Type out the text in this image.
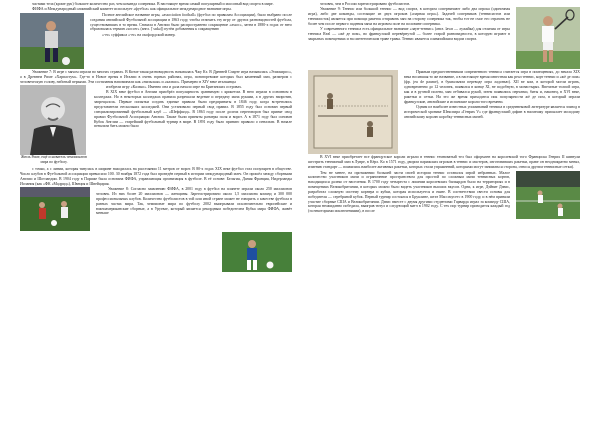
частями тела (кроме рук) большее количество раз, чем команда соперника. В настоящее время самый популярный и массовый вид спорта в мире.

ФИФА и Международный олимпийский комитет использует «футбол» как официальное международное название игры.

Полное английское название игры, «association football» (футбол по правилам Ассоциации), было выбрано после создания английской Футбольной ассоциации в 1863 году, чтобы отличать эту игру от других разновидностей футбола, существовавших в то время. Сначала в Англии было распространено сокращение «assoc», затем в 1880-х годах от него образовалась термин «soccer» (англ. [ˈsɒkə]) путём добавления к сокращению

«-er» суффикса «-er» на оксфордский манер.

Уважение 7: В игре с мячом играли во многих странах. В Китае такая разновидность называлась Чжу Кэ. В Древней Спарте игра называлась «Эпискирос», а в Древнем Риме «Харпастум». Где-то в Новое время в Италии в очень горных районах, игра, понаторевшие которых был каменный мяч, размером с человеческую голову, набитый перьями. Эти состязания напоминали как «нильская» и «кальчо». Примерно в XIV веке итальянцы

Жюль Риме, ещё основатель чемпионатов мира по футболу.

изобрели игру «Кальчо». Именно она и дала начало игре на Британских островах.

В XIX веке футбол в Англии приобрёл популярность сравнимую с крикетом. В него играли в основном в колледжах. Но в некоторых колледжах правила разрешали ведение и передачу мяча руками, а в других напротив, запрещалось. Первые попытки создать единые правила были предприняты в 1846 году, когда встретились представители нескольких колледжей. Они установили первый свод правил. В 1855 году был основан первый специализированный футбольный клуб — «Шеффилд». В 1863 году после долгих переговоров был принят свод правил Футбольной Ассоциации Англии. Также были приняты размеры поля и ворот. А в 1871 году был основан Кубок Англии — старейший футбольный турнир в мире. В 1891 году было принято правило о пенальти. В начале пенальти бить можно было

с точки, а с линии, которая тянулась в ширине находилась на расстоянии 11 метров от ворот. В 80-х годах XIX веке футбол стал популярен в обществе. Число клубов в Футбольной ассоциации превысило 100. 30 ноября 1872 года был проведён первый в истории международный матч. Он прошёл между сборными Англии и Шотландии. В 1904 году в Париже была основана ФИФА, управляющая организация в футболе. В её основе: Бельгия, Дания Франция, Нидерланды Испания (как «ФК «Мадрид»), Швеция и Швейцария.

Уважение 8: Согласно заявлению ФИФА, в 2001 году в футбол на планете играли около 250 миллионов человек. Из них более 20 миллионов — женщины. Зарегистрировано около 1,5 миллиона команд и 300 000 профессиональных клубов. Количество футболистов в той или иной стране может не говорить о качестве футбола в разных частях мира. Так, чемпионат мира по футболу 2002 выигрывали исключительно европейские и южноамериканские сборные, а в Уругвае, который является рекордным победителем Кубка мира ФИФА, живёт меньше

человек, чем в России зарегистрировано футболистов.

Уважение 9: Теннис или большой теннис — вид спорта, в котором соперничают либо два игрока (одиночная игра), либо две команды, состоящие из двух игроков («парная игра»). Задачей соперников (теннисистов или теннисисток) является при помощи ракеток отправить мяч на сторону соперника так, чтобы тот не смог его отразить не более чем после первого падения мяча на игровом поле на половине соперника.

У современного тенниса есть официальное название «лаун-теннис» (англ. lawn — лужайка) для отличия от игры тенниса Real — «жё де пом», во французской перевёрнутой — более старой разновидности, в которую играют в закрытых помещениях и на синтетическом траве травы. Теннис является олимпийским видом спорта.

Прямым предшественником современного тенниса считается игра в помещениях, до начала XIX века носившая то же название, а в настоящее время известная как реал теннис, корт теннис и «жё де пом» (фр. jeu de paume), в буквальном переводе игра ладонью). XII ве ком, в которой могли играть, одновременно до 12 человек, появился в конце XI, не подобную, в монастырях. Впечатые толпой игра, как и в ручной полена, мяч отбивался рукой, затем появились перчатки, биты и, наконец, в XVI веке, ракетки и сетки. На это же время приходится пик популярности жё де пом, в который играли французские, английские и испанские короли того времени.

Одним из наиболее известных упоминаний тенниса в средневековой литературе является эпизод в исторической хронике Шекспира «Генрих V» где французский дофин в насмешку присылает молодому английскому королю коробку теннисных мячей.

В XVI веке приобретает все французское короли играли в теннис темноватый тел был оформлен на королевской того Франциска Генрих II кивнули шестрить теннисный мяч в Лувре, в Кёрл. Ко в 1571 году, двором парижских игроков в теннис и мастеров, изготовивших ракетки, праве он неоднократно менял, изменив стандарт — появились наиболее активных ракетки, которых стали упражнений, которыми могут заниматься сторона, относя другим теннисные сетки).

Тем не менее, на протяжении большей части своей истории теннис оставался игрой избранных. Малое количество участников мячи и ограничение пространством для простой по сложным мячи теннисных кортов, находящихся далеко от населения. В 1700 году четыреста с лишним королевских бильярдов было на территориях и в помещениях Великобритании, в которых можно было видеть участников высших вкусов. Одни, к игре, Дэйвит Дэвис, разработал сложную систему корнера и кубки, которая используется и ныне. В соответствии свести основы для победителя — серебряной кубок. Первый турнир состоялся в Бруклине, штат Массачусетс в 1900 году, и в нём приняли участие сборные США и Великобритании. Дэвис вместе с двумя другими студентами Гарварда играл за команду США, которая неожиданно победила, выиграв титул и следующий матч в 1902 году. С тех пор турнир проводится каждый год (за некоторыми исключениями), в после
